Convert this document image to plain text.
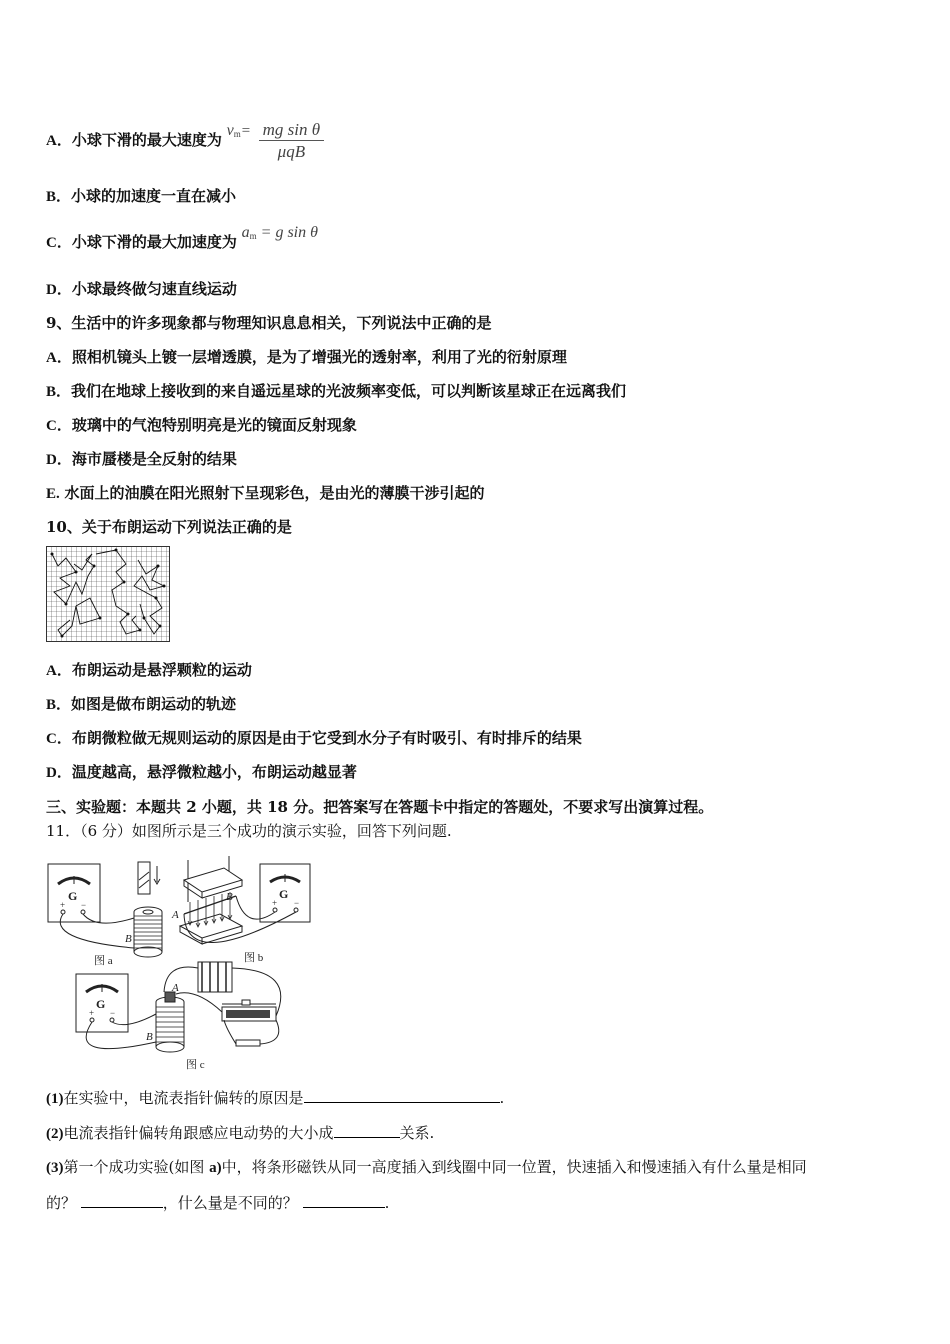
A．小球下滑的最大速度为 $v_m= \frac{\text{mg sin θ}}{\text{μqB}}$
B．小球的加速度一直在减小
C．小球下滑的最大加速度为 $a_m = g$ sin θ
D．小球最终做匀速直线运动
9、生活中的许多现象都与物理知识息息相关，下列说法中正确的是
A．照相机镜头上镀一层增透膜，是为了增强光的透射率，利用了光的衍射原理
B．我们在地球上接收到的来自遥远星球的光波频率变低，可以判断该星球正在远离我们
C．玻璃中的气泡特别明亮是光的镜面反射现象
D．海市蜃楼是全反射的结果
E. 水面上的油膜在阳光照射下呈现彩色，是由光的薄膜干涉引起的
10、关于布朗运动下列说法正确的是
A．布朗运动是悬浮颗粒的运动
B．如图是做布朗运动的轨迹
C．布朗微粒做无规则运动的原因是由于它受到水分子有时吸引、有时排斥的结果
D．温度越高，悬浮微粒越小，布朗运动越显著
三、实验题：本题共 2 小题，共 18 分。把答案写在答题卡中指定的答题处，不要求写出演算过程。
11．（6 分）如图所示是三个成功的演示实验，回答下列问题.
B
G
+ −
图 a
B
A
G
+ −
图 b
G
+ −
A
B
图 c
(1)在实验中，电流表指针偏转的原因是	.
(2)电流表指针偏转角跟感应电动势的大小成	关系.
(3)第一个成功实验(如图 a)中，将条形磁铁从同一高度插入到线圈中同一位置，快速插入和慢速插入有什么量是相同
的？	，什么量是不同的？	.
